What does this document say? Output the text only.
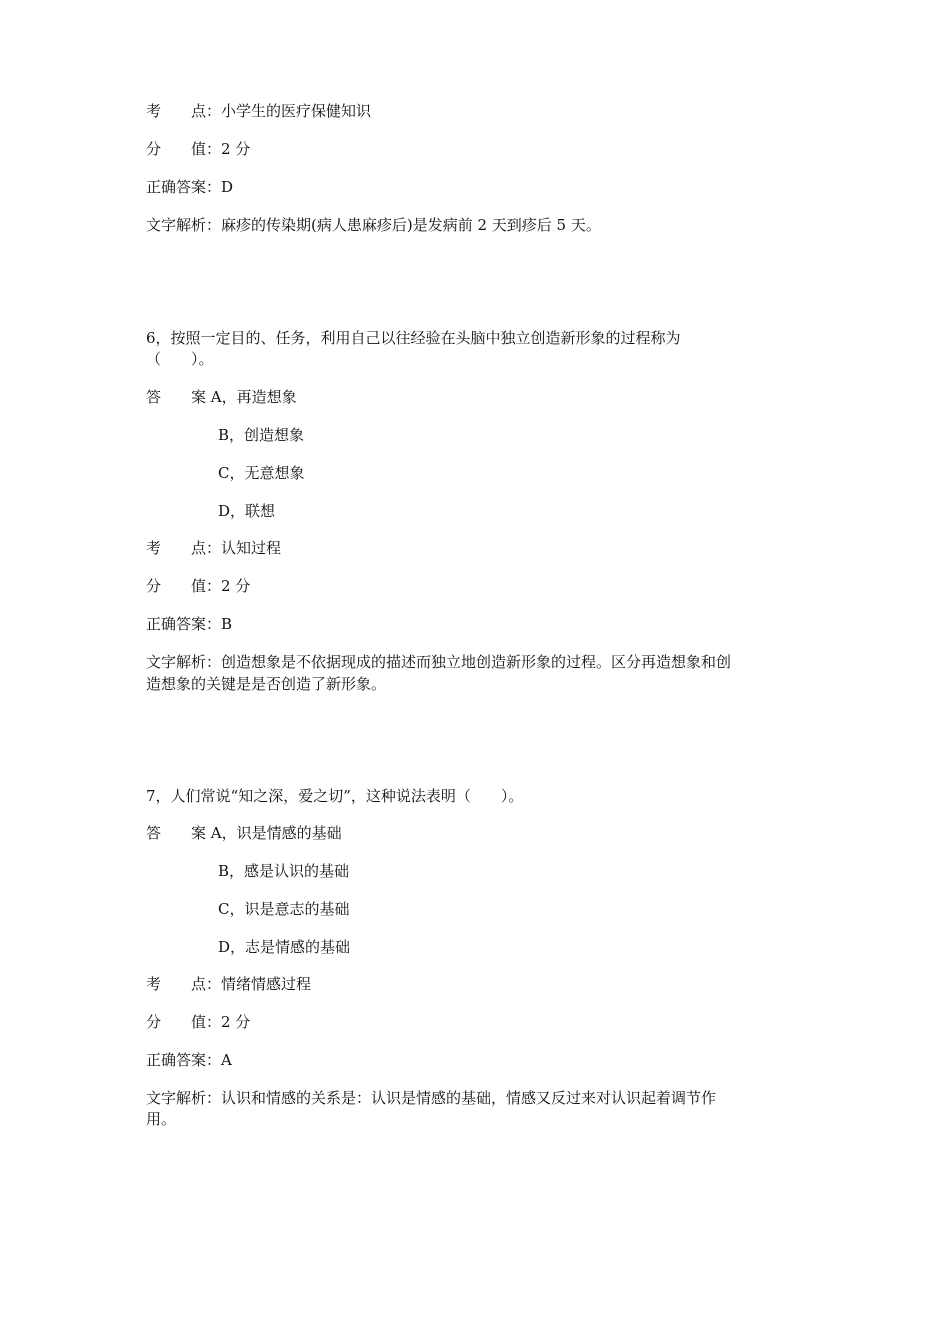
考　　点：小学生的医疗保健知识
分　　值：2 分
正确答案：D
文字解析：麻疹的传染期(病人患麻疹后)是发病前 2 天到疹后 5 天。
6，按照一定目的、任务，利用自己以往经验在头脑中独立创造新形象的过程称为
（　　）。
答　　案 A，再造想象
B，创造想象
C，无意想象
D，联想
考　　点：认知过程
分　　值：2 分
正确答案：B
文字解析：创造想象是不依据现成的描述而独立地创造新形象的过程。区分再造想象和创
造想象的关键是是否创造了新形象。
7，人们常说“知之深，爱之切”，这种说法表明（　　）。
答　　案 A，识是情感的基础
B，感是认识的基础
C，识是意志的基础
D，志是情感的基础
考　　点：情绪情感过程
分　　值：2 分
正确答案：A
文字解析：认识和情感的关系是：认识是情感的基础，情感又反过来对认识起着调节作
用。
